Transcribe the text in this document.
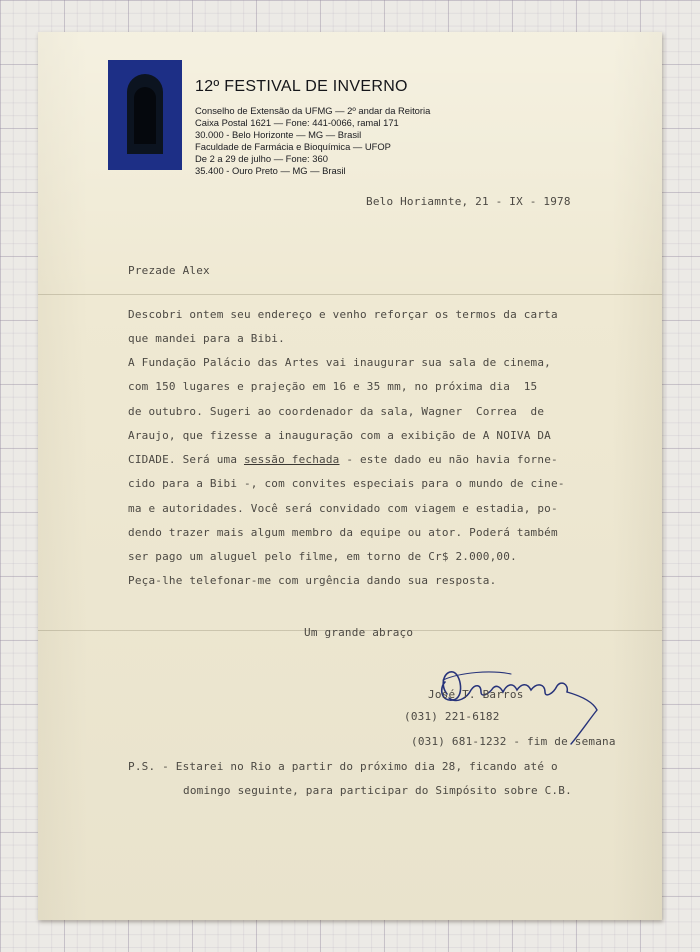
12º FESTIVAL DE INVERNO
Conselho de Extensão da UFMG — 2º andar da Reitoria
Caixa Postal 1621 — Fone: 441-0066, ramal 171
30.000 - Belo Horizonte — MG — Brasil
Faculdade de Farmácia e Bioquímica — UFOP
De 2 a 29 de julho — Fone: 360
35.400 - Ouro Preto — MG — Brasil
Belo Horiamnte, 21 - IX - 1978
Prezade Alex
Descobri ontem seu endereço e venho reforçar os termos da carta
que mandei para a Bibi.
A Fundação Palácio das Artes vai inaugurar sua sala de cinema,
com 150 lugares e prajeção em 16 e 35 mm, no próxima dia  15
de outubro. Sugeri ao coordenador da sala, Wagner  Correa  de
Araujo, que fizesse a inauguração com a exibição de A NOIVA DA
CIDADE. Será uma sessão fechada - este dado eu não havia forne-
cido para a Bibi -, com convites especiais para o mundo de cine-
ma e autoridades. Você será convidado com viagem e estadia, po-
dendo trazer mais algum membro da equipe ou ator. Poderá também
ser pago um aluguel pelo filme, em torno de Cr$ 2.000,00.
Peça-lhe telefonar-me com urgência dando sua resposta.
Um grande abraço
José T. Barros
(031) 221-6182
(031) 681-1232 - fim de semana
P.S. - Estarei no Rio a partir do próximo dia 28, ficando até o
domingo seguinte, para participar do Simpósito sobre C.B.
